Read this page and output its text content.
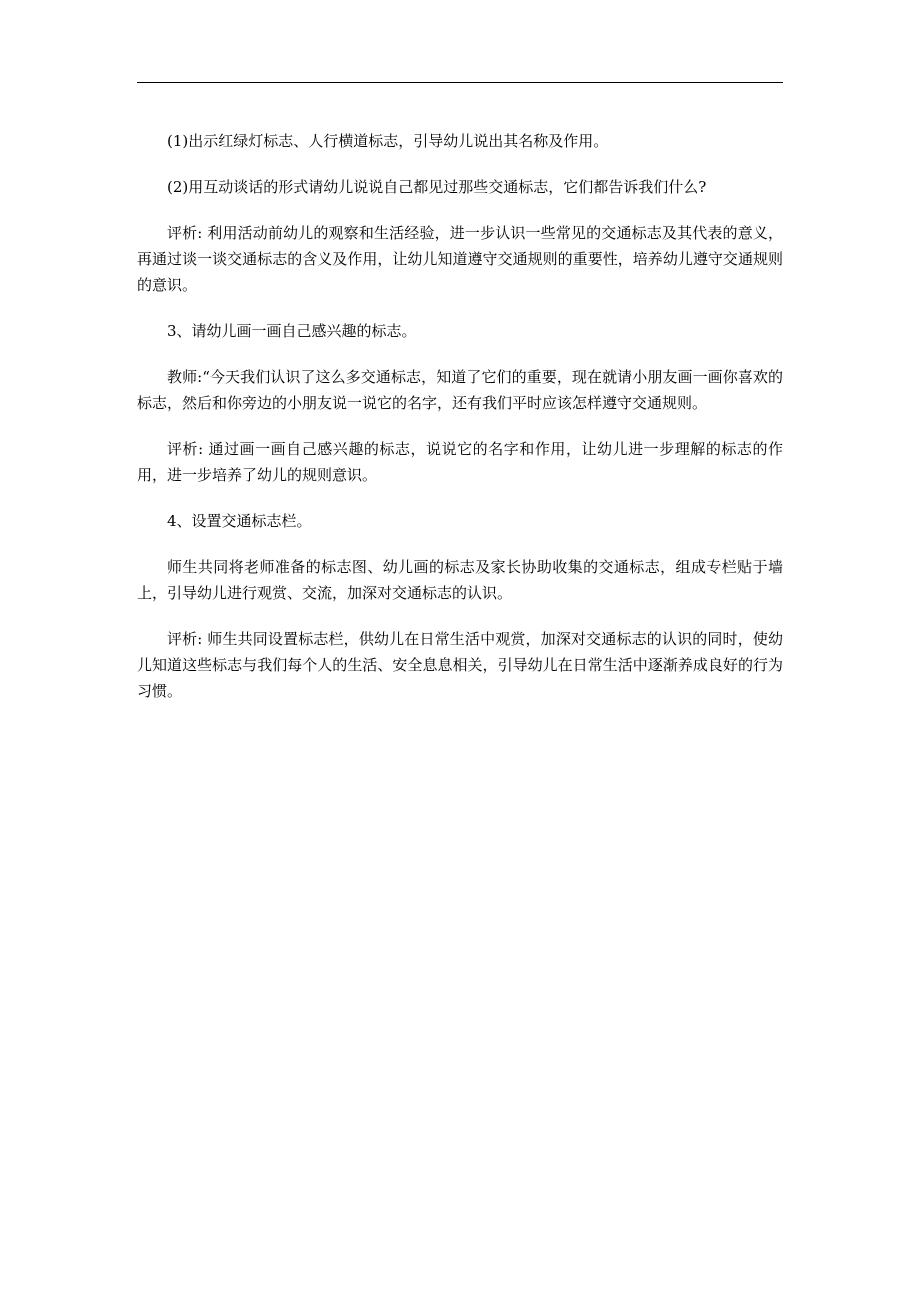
(1)出示红绿灯标志、人行横道标志，引导幼儿说出其名称及作用。

(2)用互动谈话的形式请幼儿说说自己都见过那些交通标志，它们都告诉我们什么?

评析: 利用活动前幼儿的观察和生活经验，进一步认识一些常见的交通标志及其代表的意义，再通过谈一谈交通标志的含义及作用，让幼儿知道遵守交通规则的重要性，培养幼儿遵守交通规则的意识。

3、请幼儿画一画自己感兴趣的标志。

教师:“今天我们认识了这么多交通标志，知道了它们的重要，现在就请小朋友画一画你喜欢的标志，然后和你旁边的小朋友说一说它的名字，还有我们平时应该怎样遵守交通规则。

评析: 通过画一画自己感兴趣的标志，说说它的名字和作用，让幼儿进一步理解的标志的作用，进一步培养了幼儿的规则意识。

4、设置交通标志栏。

师生共同将老师准备的标志图、幼儿画的标志及家长协助收集的交通标志，组成专栏贴于墙上，引导幼儿进行观赏、交流，加深对交通标志的认识。

评析: 师生共同设置标志栏，供幼儿在日常生活中观赏，加深对交通标志的认识的同时，使幼儿知道这些标志与我们每个人的生活、安全息息相关，引导幼儿在日常生活中逐渐养成良好的行为习惯。
